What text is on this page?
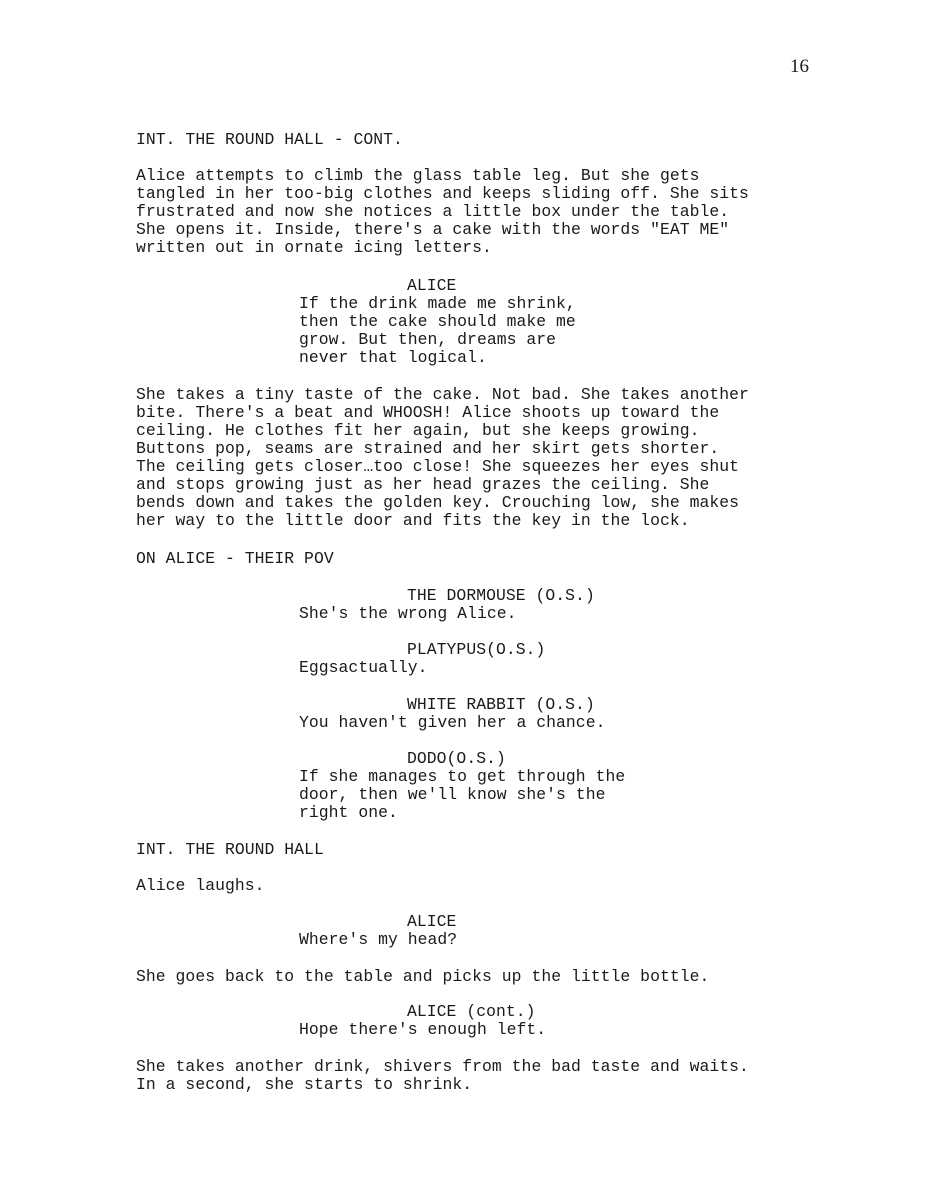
16
INT. THE ROUND HALL - CONT.
Alice attempts to climb the glass table leg. But she gets
tangled in her too-big clothes and keeps sliding off. She sits
frustrated and now she notices a little box under the table.
She opens it. Inside, there's a cake with the words "EAT ME"
written out in ornate icing letters.
ALICE
If the drink made me shrink,
then the cake should make me
grow. But then, dreams are
never that logical.
She takes a tiny taste of the cake. Not bad. She takes another
bite. There's a beat and WHOOSH! Alice shoots up toward the
ceiling. He clothes fit her again, but she keeps growing.
Buttons pop, seams are strained and her skirt gets shorter.
The ceiling gets closer…too close! She squeezes her eyes shut
and stops growing just as her head grazes the ceiling. She
bends down and takes the golden key. Crouching low, she makes
her way to the little door and fits the key in the lock.
ON ALICE - THEIR POV
THE DORMOUSE (O.S.)
She's the wrong Alice.
PLATYPUS(O.S.)
Eggsactually.
WHITE RABBIT (O.S.)
You haven't given her a chance.
DODO(O.S.)
If she manages to get through the
door, then we'll know she's the
right one.
INT. THE ROUND HALL
Alice laughs.
ALICE
Where's my head?
She goes back to the table and picks up the little bottle.
ALICE (cont.)
Hope there's enough left.
She takes another drink, shivers from the bad taste and waits.
In a second, she starts to shrink.
